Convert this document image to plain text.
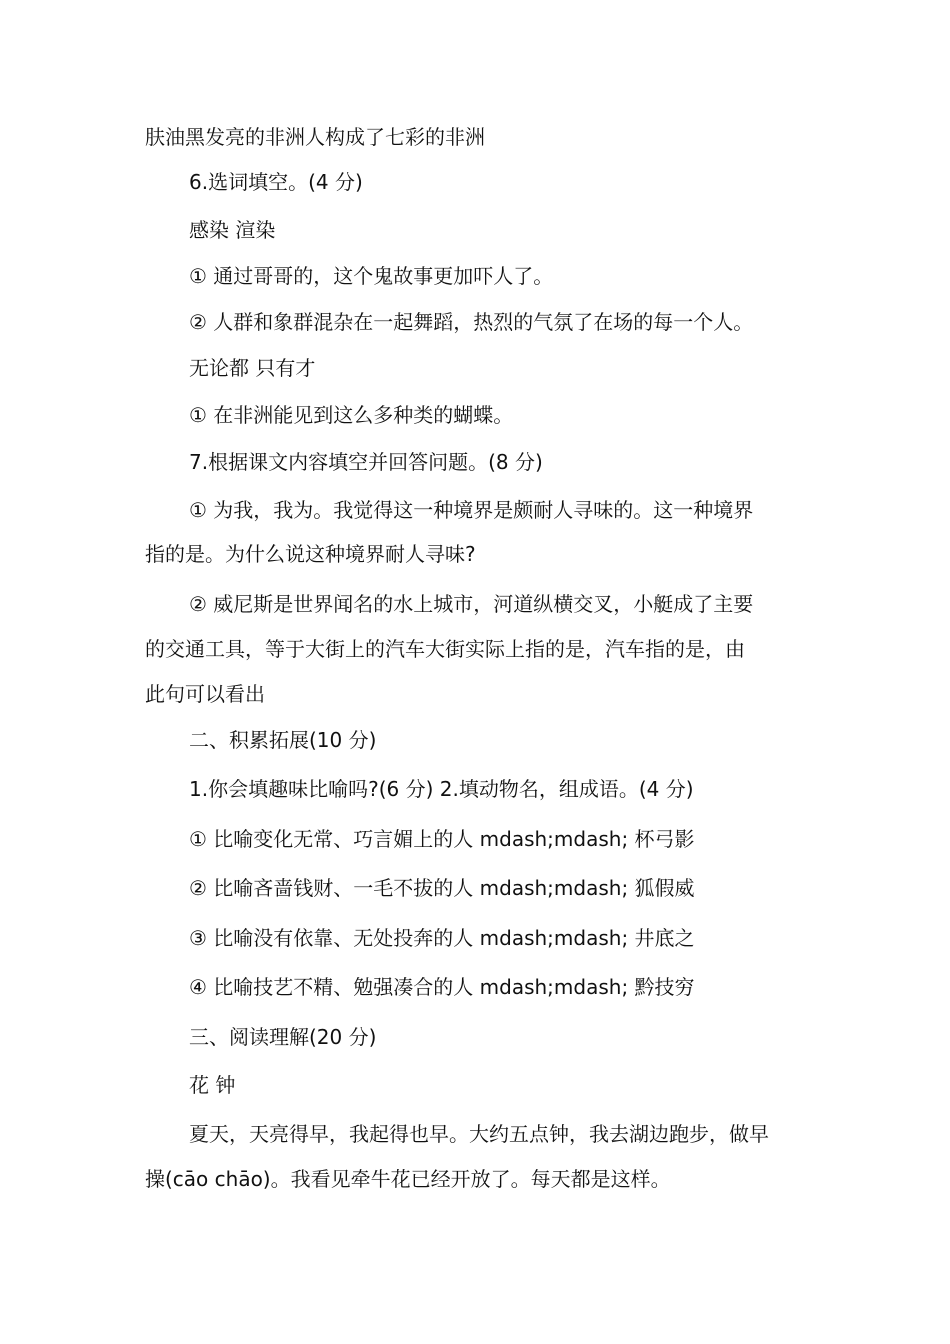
肤油黑发亮的非洲人构成了七彩的非洲
6.选词填空。(4 分)
感染 渲染
① 通过哥哥的，这个鬼故事更加吓人了。
② 人群和象群混杂在一起舞蹈，热烈的气氛了在场的每一个人。
无论都 只有才
① 在非洲能见到这么多种类的蝴蝶。
7.根据课文内容填空并回答问题。(8 分)
① 为我，我为。我觉得这一种境界是颇耐人寻味的。这一种境界
指的是。为什么说这种境界耐人寻味?
② 威尼斯是世界闻名的水上城市，河道纵横交叉，小艇成了主要
的交通工具，等于大街上的汽车大街实际上指的是，汽车指的是，由
此句可以看出
二、积累拓展(10 分)
1.你会填趣味比喻吗?(6 分) 2.填动物名，组成语。(4 分)
① 比喻变化无常、巧言媚上的人 mdash;mdash; 杯弓影
② 比喻吝啬钱财、一毛不拔的人 mdash;mdash; 狐假威
③ 比喻没有依靠、无处投奔的人 mdash;mdash; 井底之
④ 比喻技艺不精、勉强凑合的人 mdash;mdash; 黔技穷
三、阅读理解(20 分)
花 钟
夏天，天亮得早，我起得也早。大约五点钟，我去湖边跑步，做早
操(cāo chāo)。我看见牵牛花已经开放了。每天都是这样。
